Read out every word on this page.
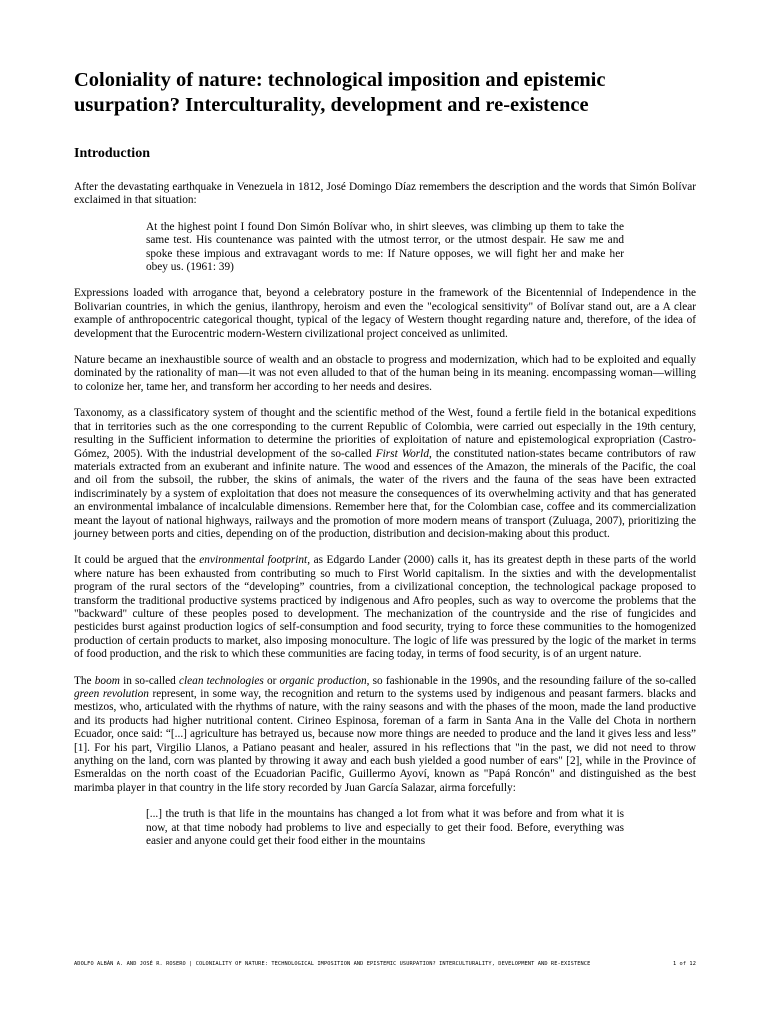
Coloniality of nature: technological imposition and epistemic usurpation? Interculturality, development and re-existence
Introduction

After the devastating earthquake in Venezuela in 1812, José Domingo Díaz remembers the description and the words that Simón Bolívar exclaimed in that situation:

At the highest point I found Don Simón Bolívar who, in shirt sleeves, was climbing up them to take the same test. His countenance was painted with the utmost terror, or the utmost despair. He saw me and spoke these impious and extravagant words to me: If Nature opposes, we will fight her and make her obey us. (1961: 39)

Expressions loaded with arrogance that, beyond a celebratory posture in the framework of the Bicentennial of Independence in the Bolivarian countries, in which the genius, ilanthropy, heroism and even the "ecological sensitivity" of Bolívar stand out, are a A clear example of anthropocentric categorical thought, typical of the legacy of Western thought regarding nature and, therefore, of the idea of development that the Eurocentric modern-Western civilizational project conceived as unlimited.

Nature became an inexhaustible source of wealth and an obstacle to progress and modernization, which had to be exploited and equally dominated by the rationality of man—it was not even alluded to that of the human being in its meaning. encompassing woman—willing to colonize her, tame her, and transform her according to her needs and desires.

Taxonomy, as a classificatory system of thought and the scientific method of the West, found a fertile field in the botanical expeditions that in territories such as the one corresponding to the current Republic of Colombia, were carried out especially in the 19th century, resulting in the Sufficient information to determine the priorities of exploitation of nature and epistemological expropriation (Castro-Gómez, 2005). With the industrial development of the so-called First World, the constituted nation-states became contributors of raw materials extracted from an exuberant and infinite nature. The wood and essences of the Amazon, the minerals of the Pacific, the coal and oil from the subsoil, the rubber, the skins of animals, the water of the rivers and the fauna of the seas have been extracted indiscriminately by a system of exploitation that does not measure the consequences of its overwhelming activity and that has generated an environmental imbalance of incalculable dimensions. Remember here that, for the Colombian case, coffee and its commercialization meant the layout of national highways, railways and the promotion of more modern means of transport (Zuluaga, 2007), prioritizing the journey between ports and cities, depending on of the production, distribution and decision-making about this product.

It could be argued that the environmental footprint, as Edgardo Lander (2000) calls it, has its greatest depth in these parts of the world where nature has been exhausted from contributing so much to First World capitalism. In the sixties and with the developmentalist program of the rural sectors of the “developing” countries, from a civilizational conception, the technological package proposed to transform the traditional productive systems practiced by indigenous and Afro peoples, such as way to overcome the problems that the "backward" culture of these peoples posed to development. The mechanization of the countryside and the rise of fungicides and pesticides burst against production logics of self-consumption and food security, trying to force these communities to the homogenized production of certain products to market, also imposing monoculture. The logic of life was pressured by the logic of the market in terms of food production, and the risk to which these communities are facing today, in terms of food security, is of an urgent nature.

The boom in so-called clean technologies or organic production, so fashionable in the 1990s, and the resounding failure of the so-called green revolution represent, in some way, the recognition and return to the systems used by indigenous and peasant farmers. blacks and mestizos, who, articulated with the rhythms of nature, with the rainy seasons and with the phases of the moon, made the land productive and its products had higher nutritional content. Cirineo Espinosa, foreman of a farm in Santa Ana in the Valle del Chota in northern Ecuador, once said: “[...] agriculture has betrayed us, because now more things are needed to produce and the land it gives less and less” [1]. For his part, Virgilio Llanos, a Patiano peasant and healer, assured in his reflections that "in the past, we did not need to throw anything on the land, corn was planted by throwing it away and each bush yielded a good number of ears" [2], while in the Province of Esmeraldas on the north coast of the Ecuadorian Pacific, Guillermo Ayoví, known as "Papá Roncón" and distinguished as the best marimba player in that country in the life story recorded by Juan García Salazar, airma forcefully:

[...] the truth is that life in the mountains has changed a lot from what it was before and from what it is now, at that time nobody had problems to live and especially to get their food. Before, everything was easier and anyone could get their food either in the mountains
ADOLFO ALBÁN A. AND JOSÉ R. ROSERO | COLONIALITY OF NATURE: TECHNOLOGICAL IMPOSITION AND EPISTEMIC USURPATION? INTERCULTURALITY, DEVELOPMENT AND RE-EXISTENCE	1 of 12
